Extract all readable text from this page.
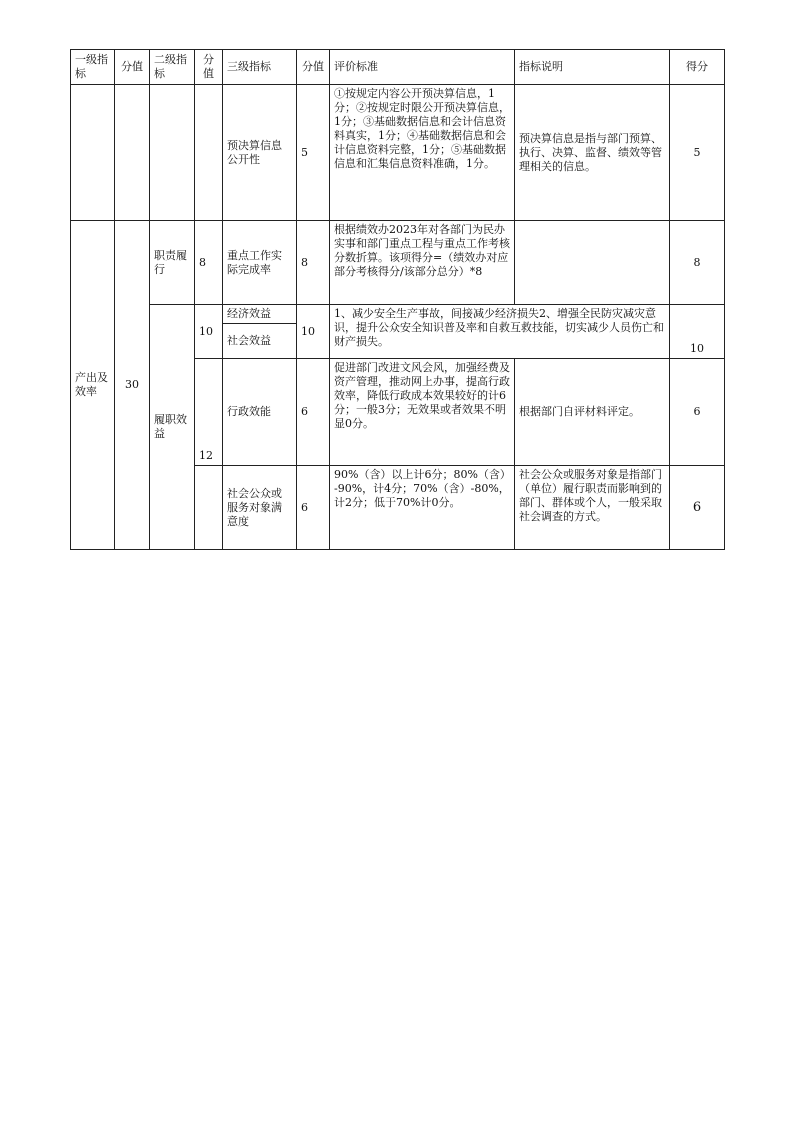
一级指标	分值	二级指标	分值	三级指标	分值	评价标准	指标说明	得分
				预决算信息公开性	5	①按规定内容公开预决算信息，1分；②按规定时限公开预决算信息，1分；③基础数据信息和会计信息资料真实，1分；④基础数据信息和会计信息资料完整，1分；⑤基础数据信息和汇集信息资料准确，1分。	预决算信息是指与部门预算、执行、决算、监督、绩效等管理相关的信息。	5
产出及效率	30	职责履行	8	重点工作实际完成率	8	根据绩效办2023年对各部门为民办实事和部门重点工程与重点工作考核分数折算。该项得分=（绩效办对应部分考核得分/该部分总分）*8		8
		履职效益	10	经济效益	10	1、减少安全生产事故，间接减少经济损失2、增强全民防灾减灾意识，提升公众安全知识普及率和自救互救技能，切实减少人员伤亡和财产损失。		10
				社会效益				
			12	行政效能	6	促进部门改进文风会风，加强经费及资产管理，推动网上办事，提高行政效率，降低行政成本效果较好的计6分；一般3分；无效果或者效果不明显0分。	根据部门自评材料评定。	6

				社会公众或服务对象满意度	6	90%（含）以上计6分；80%（含）-90%，计4分；70%（含）-80%，计2分；低于70%计0分。	社会公众或服务对象是指部门（单位）履行职责而影响到的部门、群体或个人，一般采取社会调查的方式。	6
